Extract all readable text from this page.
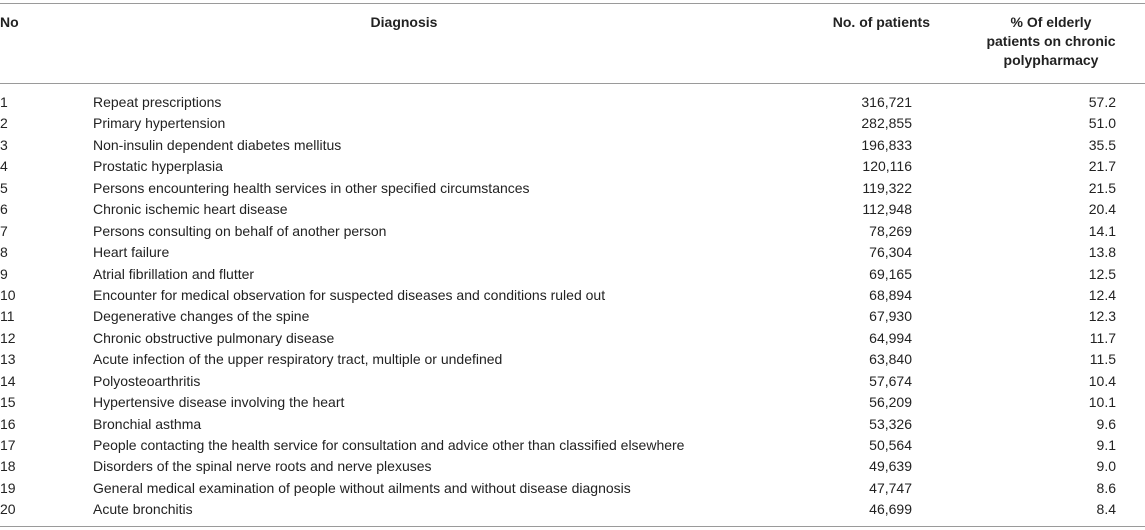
No	Diagnosis	No. of patients	% Of elderly
patients on chronic
polypharmacy
1	Repeat prescriptions	316,721	57.2
2	Primary hypertension	282,855	51.0
3	Non-insulin dependent diabetes mellitus	196,833	35.5
4	Prostatic hyperplasia	120,116	21.7
5	Persons encountering health services in other specified circumstances	119,322	21.5
6	Chronic ischemic heart disease	112,948	20.4
7	Persons consulting on behalf of another person	78,269	14.1
8	Heart failure	76,304	13.8
9	Atrial fibrillation and flutter	69,165	12.5
10	Encounter for medical observation for suspected diseases and conditions ruled out	68,894	12.4
11	Degenerative changes of the spine	67,930	12.3
12	Chronic obstructive pulmonary disease	64,994	11.7
13	Acute infection of the upper respiratory tract, multiple or undefined	63,840	11.5
14	Polyosteoarthritis	57,674	10.4
15	Hypertensive disease involving the heart	56,209	10.1
16	Bronchial asthma	53,326	9.6
17	People contacting the health service for consultation and advice other than classified elsewhere	50,564	9.1
18	Disorders of the spinal nerve roots and nerve plexuses	49,639	9.0
19	General medical examination of people without ailments and without disease diagnosis	47,747	8.6
20	Acute bronchitis	46,699	8.4
